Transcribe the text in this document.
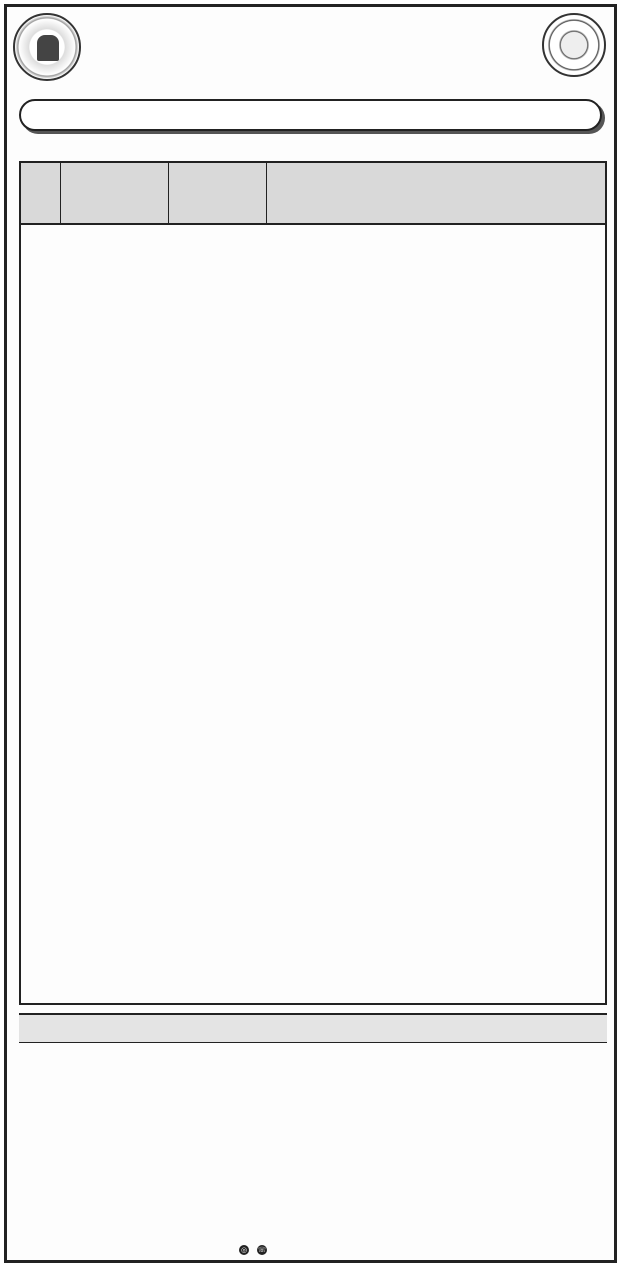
◎ ☏
